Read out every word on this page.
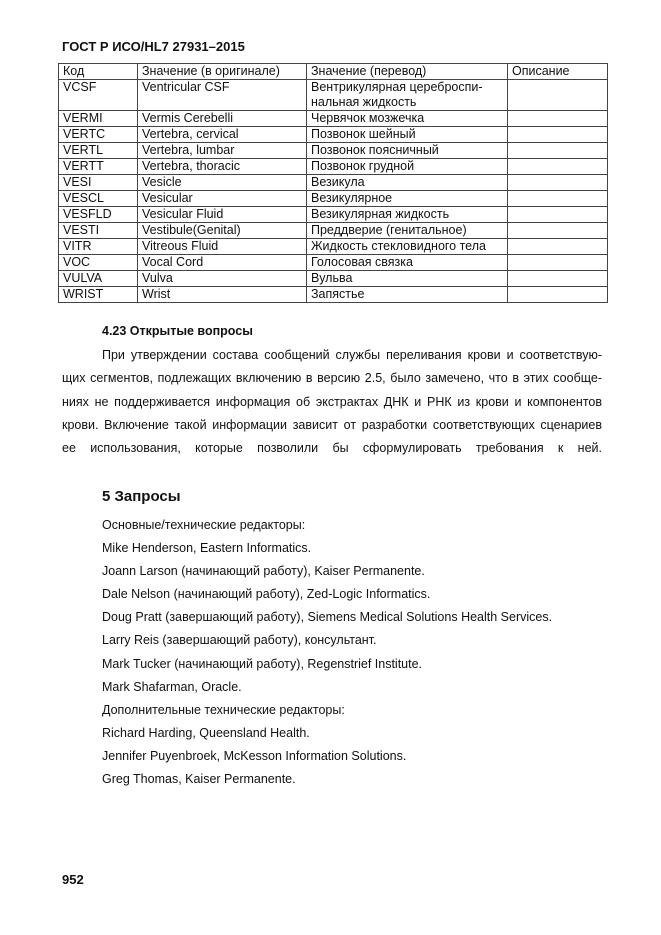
ГОСТ Р ИСО/HL7 27931–2015
Код	Значение (в оригинале)	Значение (перевод)	Описание
VCSF	Ventricular CSF	Вентрикулярная цереброспи-
нальная жидкость	
VERMI	Vermis Cerebelli	Червячок мозжечка	
VERTC	Vertebra, cervical	Позвонок шейный	
VERTL	Vertebra, lumbar	Позвонок поясничный	
VERTT	Vertebra, thoracic	Позвонок грудной	
VESI	Vesicle	Везикула	
VESCL	Vesicular	Везикулярное	
VESFLD	Vesicular Fluid	Везикулярная жидкость	
VESTI	Vestibule(Genital)	Преддверие (генитальное)	
VITR	Vitreous Fluid	Жидкость стекловидного тела	
VOC	Vocal Cord	Голосовая связка	
VULVA	Vulva	Вульва	
WRIST	Wrist	Запястье	
4.23 Открытые вопросы
При утверждении состава сообщений службы переливания крови и соответствую-
щих сегментов, подлежащих включению в версию 2.5, было замечено, что в этих сообще-
ниях не поддерживается информация об экстрактах ДНК и РНК из крови и компонентов
крови. Включение такой информации зависит от разработки соответствующих сценариев
ее использования, которые позволили бы сформулировать требования к ней.
5 Запросы
Основные/технические редакторы:
Mike Henderson, Eastern Informatics.
Joann Larson (начинающий работу), Kaiser Permanente.
Dale Nelson (начинающий работу), Zed-Logic Informatics.
Doug Pratt (завершающий работу), Siemens Medical Solutions Health Services.
Larry Reis (завершающий работу), консультант.
Mark Tucker (начинающий работу), Regenstrief Institute.
Mark Shafarman, Oracle.
Дополнительные технические редакторы:
Richard Harding, Queensland Health.
Jennifer Puyenbroek, McKesson Information Solutions.
Greg Thomas, Kaiser Permanente.
952
